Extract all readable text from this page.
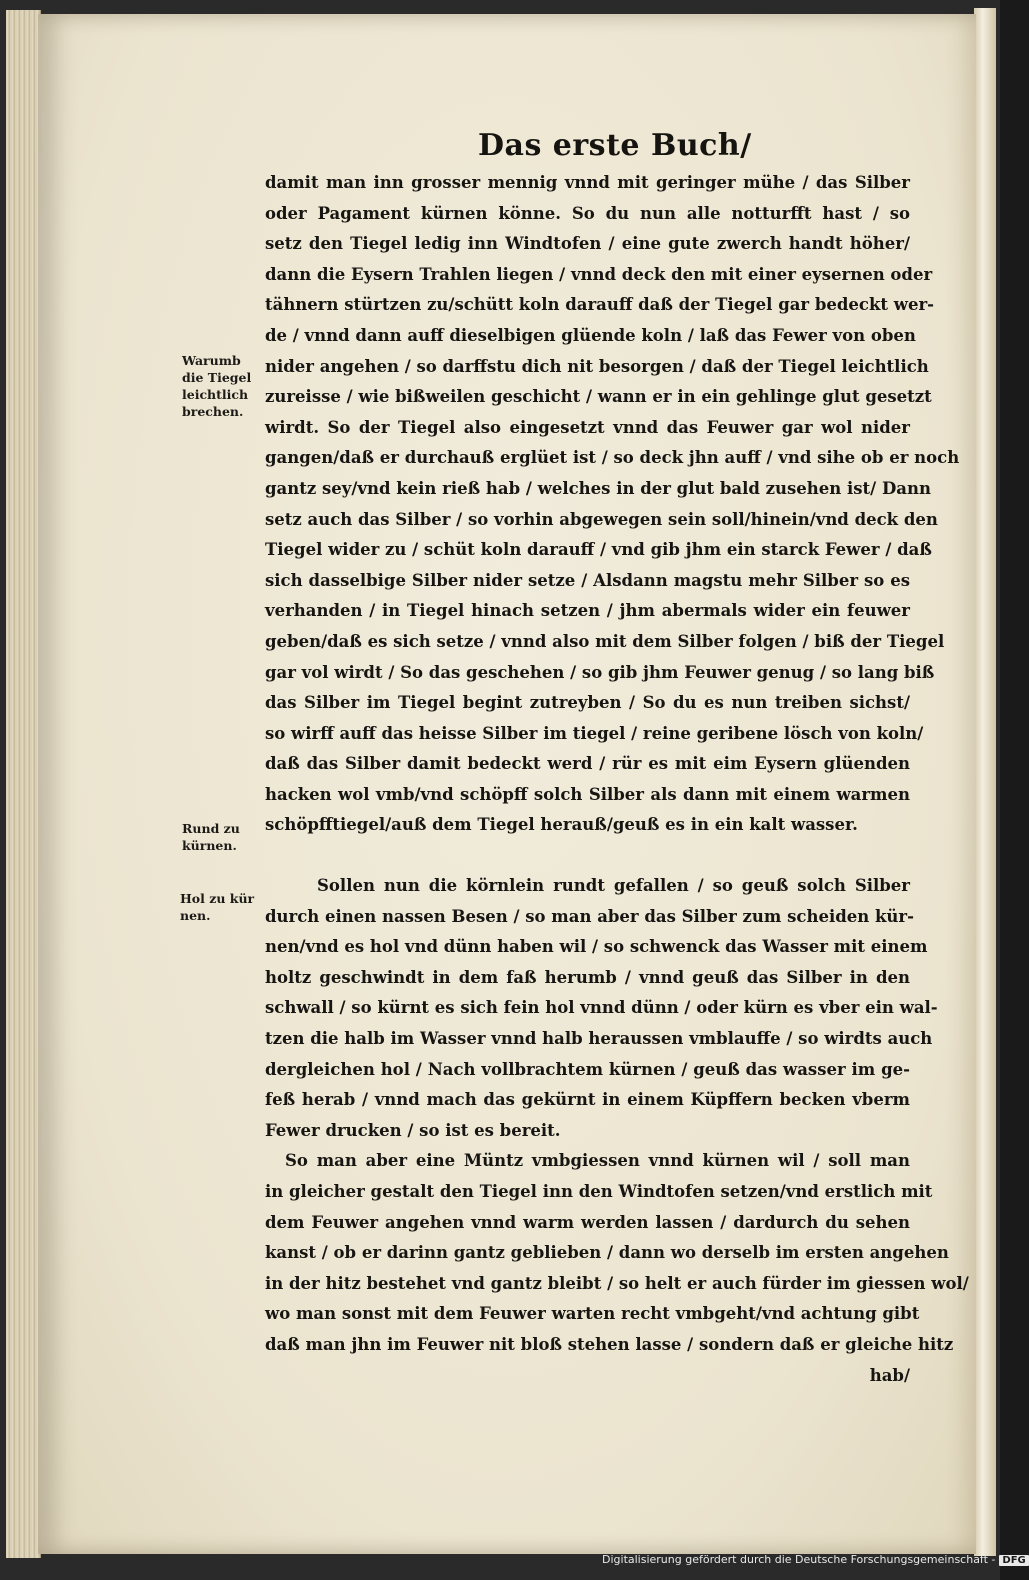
Das erste Buch/
Warumb
die Tiegel
leichtlich
brechen.
Rund zu
kürnen.
Hol zu kür
nen.
damit man inn grosser mennig vnnd mit geringer mühe / das Silber
oder Pagament kürnen könne. So du nun alle notturfft hast / so
setz den Tiegel ledig inn Windtofen / eine gute zwerch handt höher/
dann die Eysern Trahlen liegen / vnnd deck den mit einer eysernen oder
tähnern stürtzen zu/schütt koln darauff daß der Tiegel gar bedeckt wer-
de / vnnd dann auff dieselbigen glüende koln / laß das Fewer von oben
nider angehen / so darffstu dich nit besorgen / daß der Tiegel leichtlich
zureisse / wie bißweilen geschicht / wann er in ein gehlinge glut gesetzt
wirdt. So der Tiegel also eingesetzt vnnd das Feuwer gar wol nider
gangen/daß er durchauß erglüet ist / so deck jhn auff / vnd sihe ob er noch
gantz sey/vnd kein rieß hab / welches in der glut bald zusehen ist/ Dann
setz auch das Silber / so vorhin abgewegen sein soll/hinein/vnd deck den
Tiegel wider zu / schüt koln darauff / vnd gib jhm ein starck Fewer / daß
sich dasselbige Silber nider setze / Alsdann magstu mehr Silber so es
verhanden / in Tiegel hinach setzen / jhm abermals wider ein feuwer
geben/daß es sich setze / vnnd also mit dem Silber folgen / biß der Tiegel
gar vol wirdt / So das geschehen / so gib jhm Feuwer genug / so lang biß
das Silber im Tiegel begint zutreyben / So du es nun treiben sichst/
so wirff auff das heisse Silber im tiegel / reine geribene lösch von koln/
daß das Silber damit bedeckt werd / rür es mit eim Eysern glüenden
hacken wol vmb/vnd schöpff solch Silber als dann mit einem warmen
schöpfftiegel/auß dem Tiegel herauß/geuß es in ein kalt wasser.
Sollen nun die körnlein rundt gefallen / so geuß solch Silber
durch einen nassen Besen / so man aber das Silber zum scheiden kür-
nen/vnd es hol vnd dünn haben wil / so schwenck das Wasser mit einem
holtz geschwindt in dem faß herumb / vnnd geuß das Silber in den
schwall / so kürnt es sich fein hol vnnd dünn / oder kürn es vber ein wal-
tzen die halb im Wasser vnnd halb heraussen vmblauffe / so wirdts auch
dergleichen hol / Nach vollbrachtem kürnen / geuß das wasser im ge-
feß herab / vnnd mach das gekürnt in einem Küpffern becken vberm
Fewer drucken / so ist es bereit.
So man aber eine Müntz vmbgiessen vnnd kürnen wil / soll man
in gleicher gestalt den Tiegel inn den Windtofen setzen/vnd erstlich mit
dem Feuwer angehen vnnd warm werden lassen / dardurch du sehen
kanst / ob er darinn gantz geblieben / dann wo derselb im ersten angehen
in der hitz bestehet vnd gantz bleibt / so helt er auch fürder im giessen wol/
wo man sonst mit dem Feuwer warten recht vmbgeht/vnd achtung gibt
daß man jhn im Feuwer nit bloß stehen lasse / sondern daß er gleiche hitz
hab/
Digitalisierung gefördert durch die Deutsche Forschungsgemeinschaft - DFG
